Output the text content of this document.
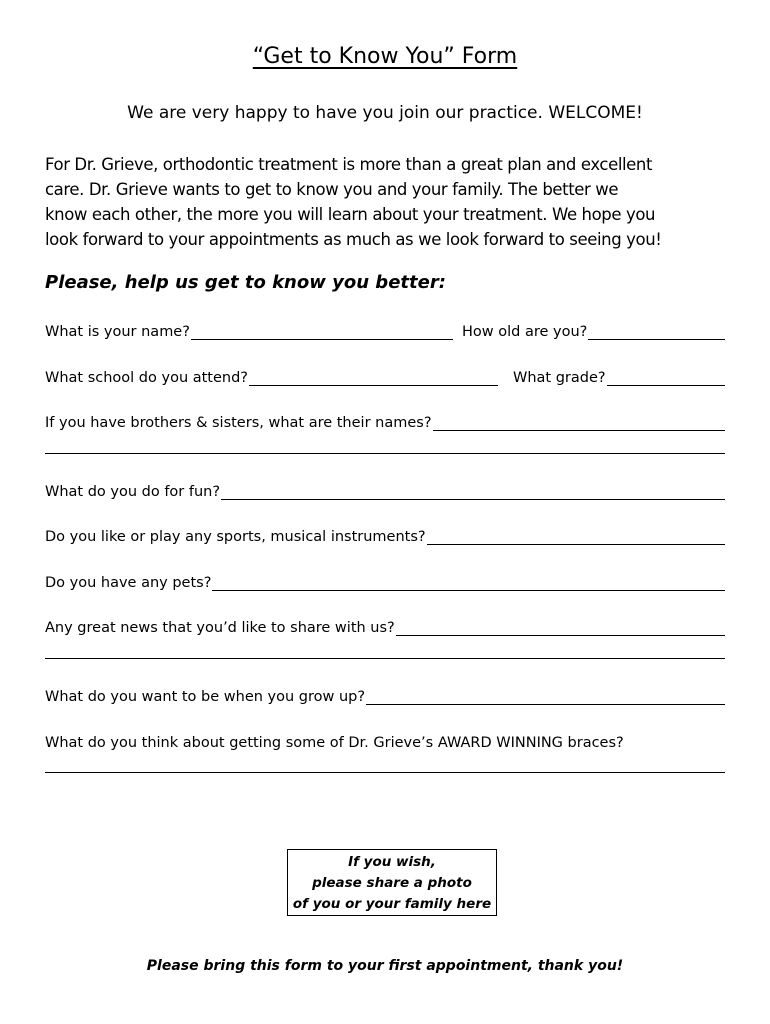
“Get to Know You” Form
We are very happy to have you join our practice. WELCOME!
For Dr. Grieve, orthodontic treatment is more than a great plan and excellent
care. Dr. Grieve wants to get to know you and your family. The better we
know each other, the more you will learn about your treatment. We hope you
look forward to your appointments as much as we look forward to seeing you!
Please, help us get to know you better:
What is your name?	How old are you?
What school do you attend?	What grade?
If you have brothers & sisters, what are their names?
What do you do for fun?
Do you like or play any sports, musical instruments?
Do you have any pets?
Any great news that you’d like to share with us?
What do you want to be when you grow up?
What do you think about getting some of Dr. Grieve’s AWARD WINNING braces?
If you wish,
please share a photo
of you or your family here
Please bring this form to your first appointment, thank you!
